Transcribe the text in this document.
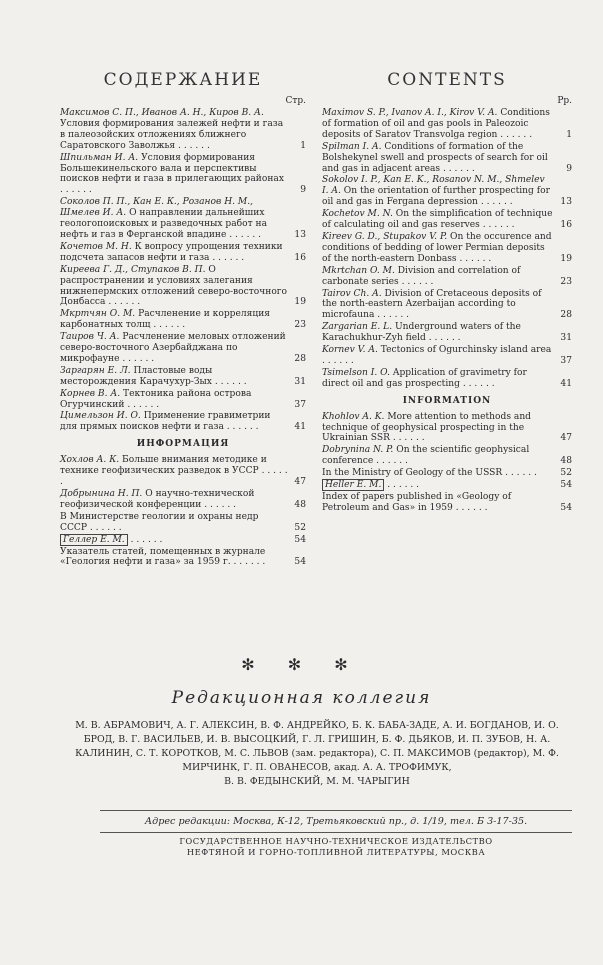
СОДЕРЖАНИЕ
Стр.
Максимов С. П., Иванов А. Н., Киров В. А. Условия формирования залежей нефти и газа в палеозойских отложениях ближнего Саратовского Заволжья . . . . . .	1
Шпильман И. А. Условия формирования Большекинельского вала и перспективы поисков нефти и газа в прилегающих районах . . . . . .	9
Соколов П. П., Кан Е. К., Розанов Н. М., Шмелев И. А. О направлении дальнейших геологопоисковых и разведочных работ на нефть и газ в Ферганской впадине . . . . . .	13
Кочетов М. Н. К вопросу упрощения техники подсчета запасов нефти и газа . . . . . .	16
Киреева Г. Д., Ступаков В. П. О распространении и условиях залегания нижнепермских отложений северо-восточного Донбасса . . . . . .	19
Мкртчян О. М. Расчленение и корреляция карбонатных толщ . . . . . .	23
Таиров Ч. А. Расчленение меловых отложений северо-восточного Азербайджана по микрофауне . . . . . .	28
Заргарян Е. Л. Пластовые воды месторождения Карачухур-Зых . . . . . .	31
Корнев В. А. Тектоника района острова Огурчинский . . . . . .	37
Цимельзон И. О. Применение гравиметрии для прямых поисков нефти и газа . . . . . .	41
ИНФОРМАЦИЯ
Хохлов А. К. Больше внимания методике и технике геофизических разведок в УССР . . . . . .	47
Добрынина Н. П. О научно-технической геофизической конференции . . . . . .	48
В Министерстве геологии и охраны недр СССР . . . . . .	52
Геллер Е. М. . . . . . .	54
Указатель статей, помещенных в журнале «Геология нефти и газа» за 1959 г. . . . . . .	54
CONTENTS
Pp.
Maximov S. P., Ivanov A. I., Kirov V. A. Conditions of formation of oil and gas pools in Paleozoic deposits of Saratov Transvolga region . . . . . .	1
Spilman I. A. Conditions of formation of the Bolshekynel swell and prospects of search for oil and gas in adjacent areas . . . . . .	9
Sokolov I. P., Kan E. K., Rosanov N. M., Shmelev I. A. On the orientation of further prospecting for oil and gas in Fergana depression . . . . . .	13
Kochetov M. N. On the simplification of technique of calculating oil and gas reserves . . . . . .	16
Kireev G. D., Stupakov V. P. On the occurence and conditions of bedding of lower Permian deposits of the north-eastern Donbass . . . . . .	19
Mkrtchan O. M. Division and correlation of carbonate series . . . . . .	23
Tairov Ch. A. Division of Cretaceous deposits of the north-eastern Azerbaijan according to microfauna . . . . . .	28
Zargarian E. L. Underground waters of the Karachukhur-Zyh field . . . . . .	31
Kornev V. A. Tectonics of Ogurchinsky island area . . . . . .	37
Tsimelson I. O. Application of gravimetry for direct oil and gas prospecting . . . . . .	41
INFORMATION
Khohlov A. K. More attention to methods and technique of geophysical prospecting in the Ukrainian SSR . . . . . .	47
Dobrynina N. P. On the scientific geophysical conference . . . . . .	48
In the Ministry of Geology of the USSR . . . . . .	52
Heller E. M. . . . . . .	54
Index of papers published in «Geology of Petroleum and Gas» in 1959 . . . . . .	54
✻ ✻ ✻
Редакционная коллегия

М. В. АБРАМОВИЧ, А. Г. АЛЕКСИН, В. Ф. АНДРЕЙКО, Б. К. БАБА-ЗАДЕ, А. И. БОГДАНОВ, И. О. БРОД, В. Г. ВАСИЛЬЕВ, И. В. ВЫСОЦКИЙ, Г. Л. ГРИШИН, Б. Ф. ДЬЯКОВ, И. П. ЗУБОВ, Н. А. КАЛИНИН, С. Т. КОРОТКОВ, М. С. ЛЬВОВ (зам. редактора), С. П. МАКСИМОВ (редактор), М. Ф. МИРЧИНК, Г. П. ОВАНЕСОВ, акад. А. А. ТРОФИМУК,

В. В. ФЕДЫНСКИЙ, М. М. ЧАРЫГИН

Адрес редакции: Москва, К-12, Третьяковский пр., д. 1/19, тел. Б 3-17-35.
ГОСУДАРСТВЕННОЕ НАУЧНО-ТЕХНИЧЕСКОЕ ИЗДАТЕЛЬСТВО
НЕФТЯНОЙ И ГОРНО-ТОПЛИВНОЙ ЛИТЕРАТУРЫ, МОСКВА
